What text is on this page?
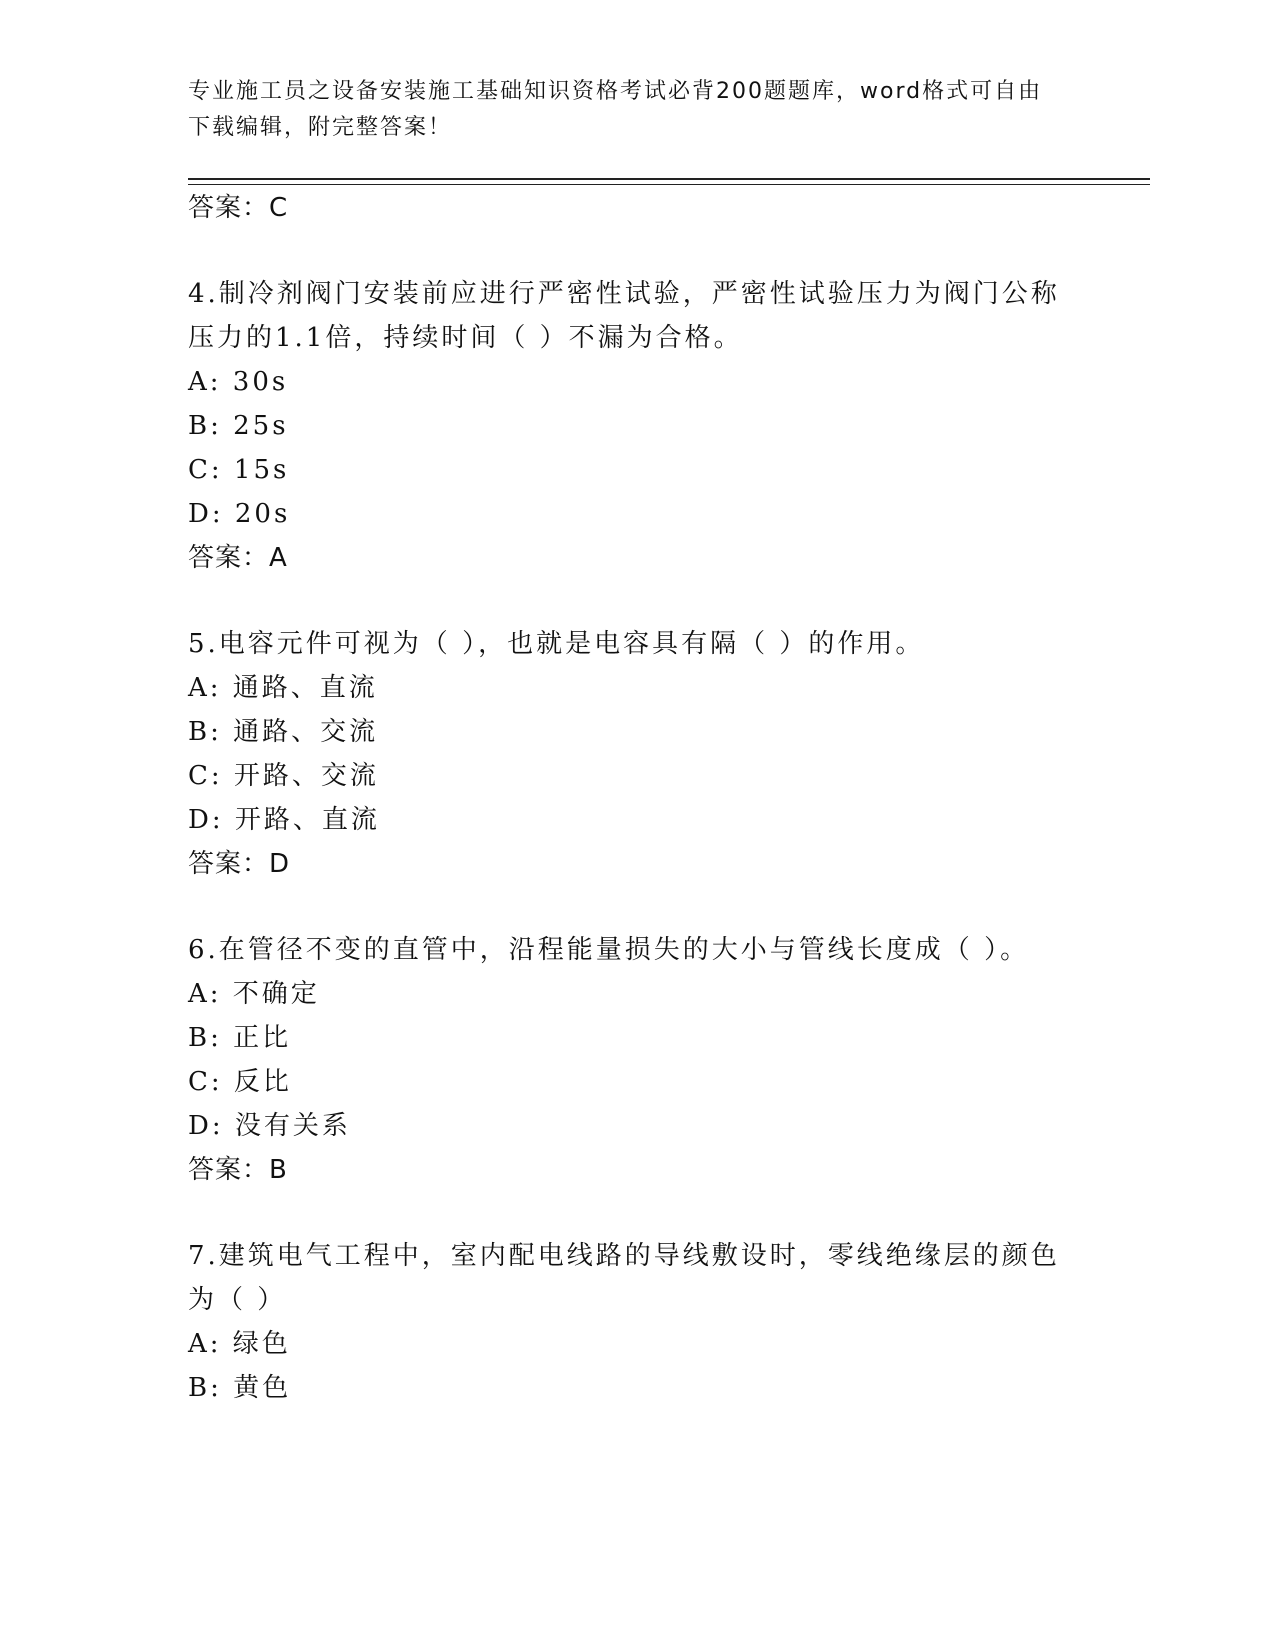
专业施工员之设备安装施工基础知识资格考试必背200题题库，word格式可自由
下载编辑，附完整答案！
答案：C
4.制冷剂阀门安装前应进行严密性试验，严密性试验压力为阀门公称
压力的1.1倍，持续时间（ ）不漏为合格。
A: 30s
B: 25s
C: 15s
D: 20s
答案：A
5.电容元件可视为（ ），也就是电容具有隔（ ）的作用。
A: 通路、直流
B: 通路、交流
C: 开路、交流
D: 开路、直流
答案：D
6.在管径不变的直管中，沿程能量损失的大小与管线长度成（ ）。
A: 不确定
B: 正比
C: 反比
D: 没有关系
答案：B
7.建筑电气工程中，室内配电线路的导线敷设时，零线绝缘层的颜色
为（ ）
A: 绿色
B: 黄色
